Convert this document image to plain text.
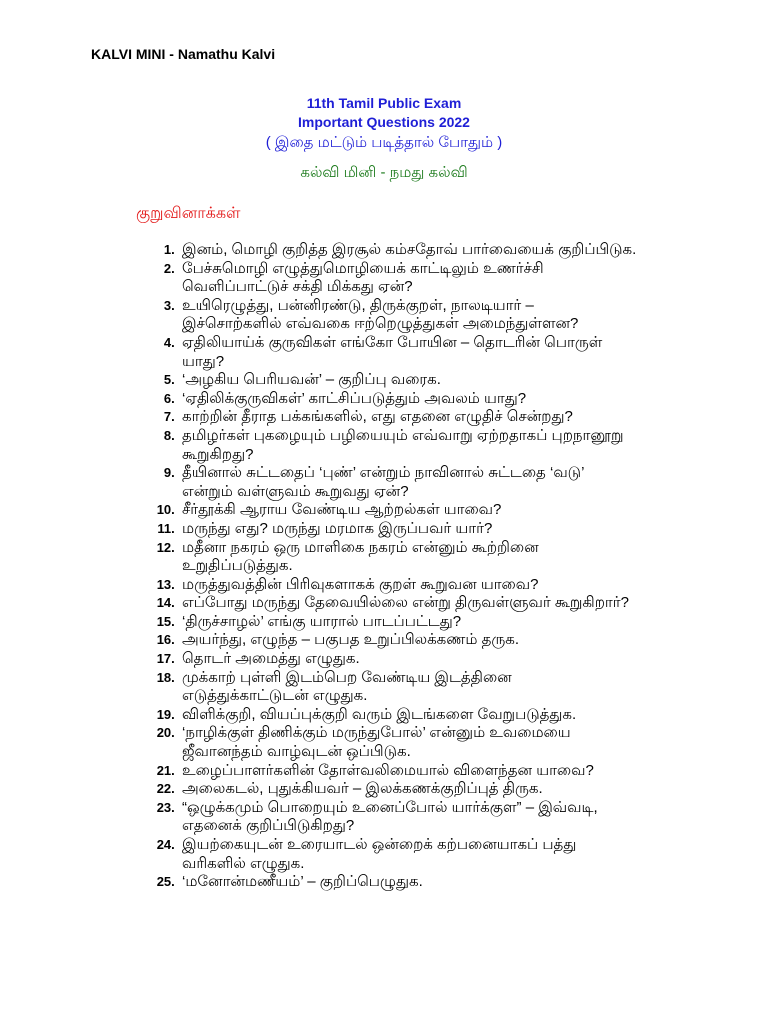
KALVI MINI - Namathu Kalvi
11th Tamil Public Exam
Important Questions 2022
( இதை மட்டும் படித்தால் போதும் )
கல்வி மினி - நமது கல்வி
குறுவினாக்கள்
1. இனம், மொழி குறித்த இரசூல் கம்சதோவ் பார்வையைக் குறிப்பிடுக.
2. பேச்சுமொழி எழுத்துமொழியைக் காட்டிலும் உணர்ச்சி
வெளிப்பாட்டுச் சக்தி மிக்கது ஏன்?
3. உயிரெழுத்து, பன்னிரண்டு, திருக்குறள், நாலடியார் –
இச்சொற்களில் எவ்வகை ஈற்றெழுத்துகள் அமைந்துள்ளன?
4. ஏதிலியாய்க் குருவிகள் எங்கோ போயின – தொடரின் பொருள்
யாது?
5. ‘அழகிய பெரியவன்’ – குறிப்பு வரைக.
6. ‘ஏதிலிக்குருவிகள்’ காட்சிப்படுத்தும் அவலம் யாது?
7. காற்றின் தீராத பக்கங்களில், எது எதனை எழுதிச் சென்றது?
8. தமிழர்கள் புகழையும் பழியையும் எவ்வாறு ஏற்றதாகப் புறநானூறு
கூறுகிறது?
9. தீயினால் சுட்டதைப் ‘புண்’ என்றும் நாவினால் சுட்டதை ‘வடு’
என்றும் வள்ளுவம் கூறுவது ஏன்?
10. சீர்தூக்கி ஆராய வேண்டிய ஆற்றல்கள் யாவை?
11. மருந்து எது? மருந்து மரமாக இருப்பவர் யார்?
12. மதீனா நகரம் ஒரு மாளிகை நகரம் என்னும் கூற்றினை
உறுதிப்படுத்துக.
13. மருத்துவத்தின் பிரிவுகளாகக் குறள் கூறுவன யாவை?
14. எப்போது மருந்து தேவையில்லை என்று திருவள்ளுவர் கூறுகிறார்?
15. ‘திருச்சாழல்’ எங்கு யாரால் பாடப்பட்டது?
16. அயர்ந்து, எழுந்த – பகுபத உறுப்பிலக்கணம் தருக.
17. தொடர் அமைத்து எழுதுக.
18. முக்காற் புள்ளி இடம்பெற வேண்டிய இடத்தினை
எடுத்துக்காட்டுடன் எழுதுக.
19. விளிக்குறி, வியப்புக்குறி வரும் இடங்களை வேறுபடுத்துக.
20. ‘நாழிக்குள் திணிக்கும் மருந்துபோல்’ என்னும் உவமையை
ஜீவானந்தம் வாழ்வுடன் ஒப்பிடுக.
21. உழைப்பாளர்களின் தோள்வலிமையால் விளைந்தன யாவை?
22. அலைகடல், புதுக்கியவர் – இலக்கணக்குறிப்புத் திருக.
23. “ஒழுக்கமும் பொறையும் உனைப்போல் யார்க்குள” – இவ்வடி,
எதனைக் குறிப்பிடுகிறது?
24. இயற்கையுடன் உரையாடல் ஒன்றைக் கற்பனையாகப் பத்து
வரிகளில் எழுதுக.
25. ‘மனோன்மணீயம்’ – குறிப்பெழுதுக.
